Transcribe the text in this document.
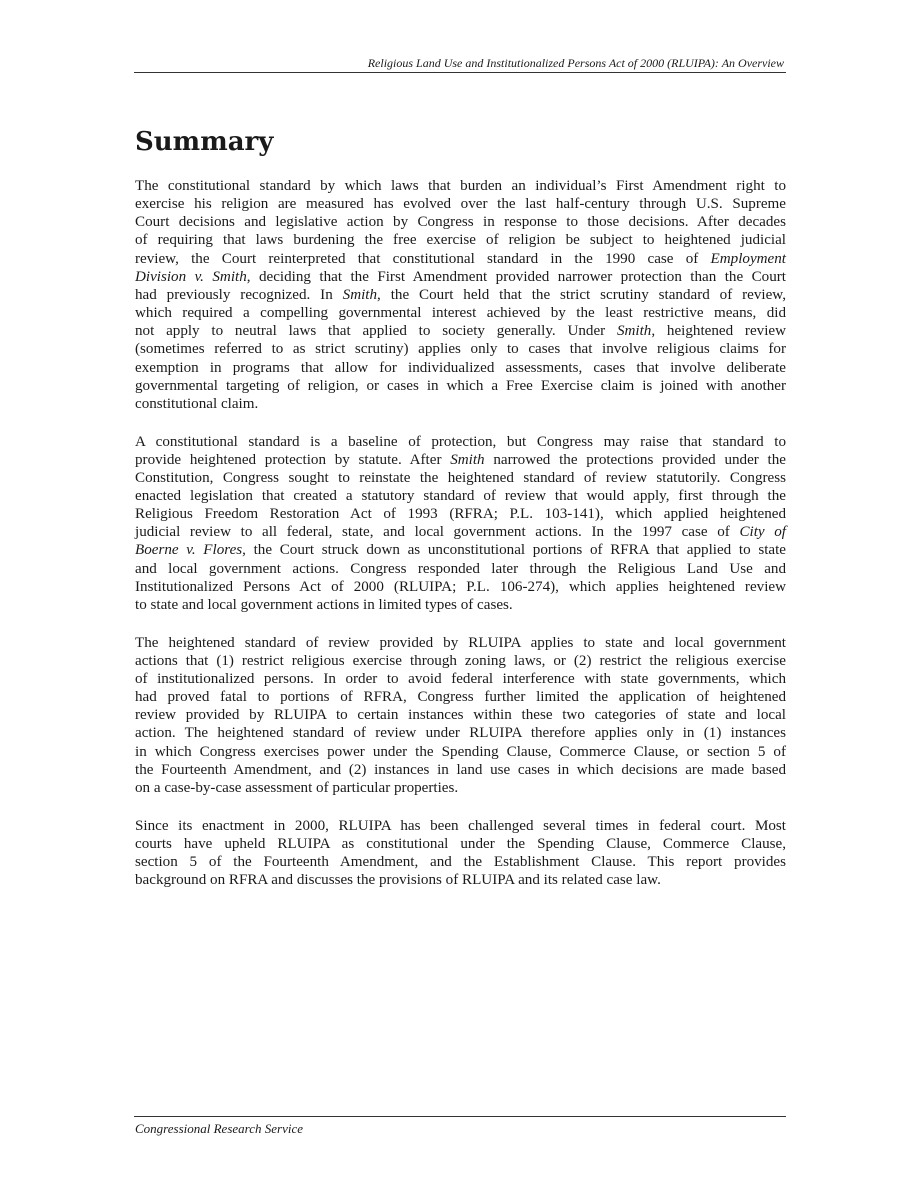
Religious Land Use and Institutionalized Persons Act of 2000 (RLUIPA): An Overview
Summary

The constitutional standard by which laws that burden an individual’s First Amendment right to
exercise his religion are measured has evolved over the last half-century through U.S. Supreme
Court decisions and legislative action by Congress in response to those decisions. After decades
of requiring that laws burdening the free exercise of religion be subject to heightened judicial
review, the Court reinterpreted that constitutional standard in the 1990 case of Employment
Division v. Smith, deciding that the First Amendment provided narrower protection than the Court
had previously recognized. In Smith, the Court held that the strict scrutiny standard of review,
which required a compelling governmental interest achieved by the least restrictive means, did
not apply to neutral laws that applied to society generally. Under Smith, heightened review
(sometimes referred to as strict scrutiny) applies only to cases that involve religious claims for
exemption in programs that allow for individualized assessments, cases that involve deliberate
governmental targeting of religion, or cases in which a Free Exercise claim is joined with another
constitutional claim.

A constitutional standard is a baseline of protection, but Congress may raise that standard to
provide heightened protection by statute. After Smith narrowed the protections provided under the
Constitution, Congress sought to reinstate the heightened standard of review statutorily. Congress
enacted legislation that created a statutory standard of review that would apply, first through the
Religious Freedom Restoration Act of 1993 (RFRA; P.L. 103-141), which applied heightened
judicial review to all federal, state, and local government actions. In the 1997 case of City of
Boerne v. Flores, the Court struck down as unconstitutional portions of RFRA that applied to state
and local government actions. Congress responded later through the Religious Land Use and
Institutionalized Persons Act of 2000 (RLUIPA; P.L. 106-274), which applies heightened review
to state and local government actions in limited types of cases.

The heightened standard of review provided by RLUIPA applies to state and local government
actions that (1) restrict religious exercise through zoning laws, or (2) restrict the religious exercise
of institutionalized persons. In order to avoid federal interference with state governments, which
had proved fatal to portions of RFRA, Congress further limited the application of heightened
review provided by RLUIPA to certain instances within these two categories of state and local
action. The heightened standard of review under RLUIPA therefore applies only in (1) instances
in which Congress exercises power under the Spending Clause, Commerce Clause, or section 5 of
the Fourteenth Amendment, and (2) instances in land use cases in which decisions are made based
on a case-by-case assessment of particular properties.

Since its enactment in 2000, RLUIPA has been challenged several times in federal court. Most
courts have upheld RLUIPA as constitutional under the Spending Clause, Commerce Clause,
section 5 of the Fourteenth Amendment, and the Establishment Clause. This report provides
background on RFRA and discusses the provisions of RLUIPA and its related case law.

Congressional Research Service
